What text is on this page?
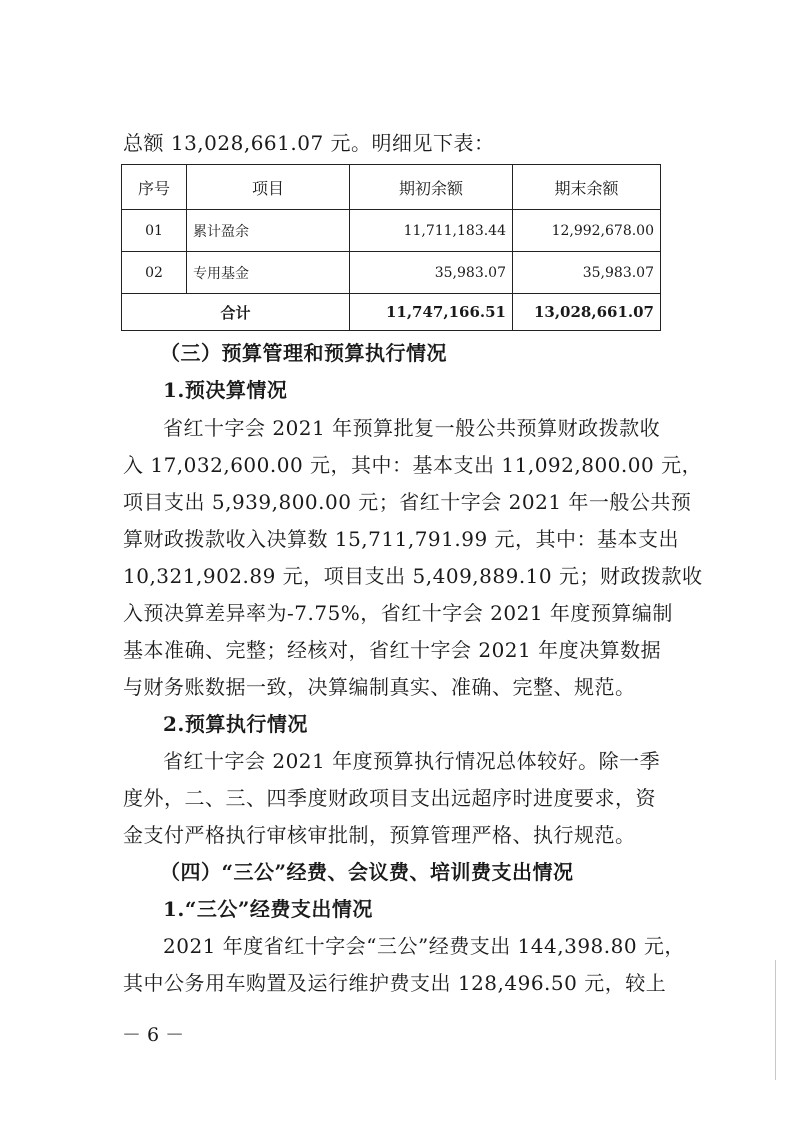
总额 13,028,661.07 元。明细见下表：
序号	项目	期初余额	期末余额
01	累计盈余	11,711,183.44	12,992,678.00
02	专用基金	35,983.07	35,983.07
合计		11,747,166.51	13,028,661.07
（三）预算管理和预算执行情况
1.预决算情况
省红十字会 2021 年预算批复一般公共预算财政拨款收
入 17,032,600.00 元，其中：基本支出 11,092,800.00 元，
项目支出 5,939,800.00 元；省红十字会 2021 年一般公共预
算财政拨款收入决算数 15,711,791.99 元，其中：基本支出
10,321,902.89 元，项目支出 5,409,889.10 元；财政拨款收
入预决算差异率为-7.75%，省红十字会 2021 年度预算编制
基本准确、完整；经核对，省红十字会 2021 年度决算数据
与财务账数据一致，决算编制真实、准确、完整、规范。
2.预算执行情况
省红十字会 2021 年度预算执行情况总体较好。除一季
度外，二、三、四季度财政项目支出远超序时进度要求，资
金支付严格执行审核审批制，预算管理严格、执行规范。
（四）“三公”经费、会议费、培训费支出情况
1.“三公”经费支出情况
2021 年度省红十字会“三公”经费支出 144,398.80 元，
其中公务用车购置及运行维护费支出 128,496.50 元，较上
－ 6 －
